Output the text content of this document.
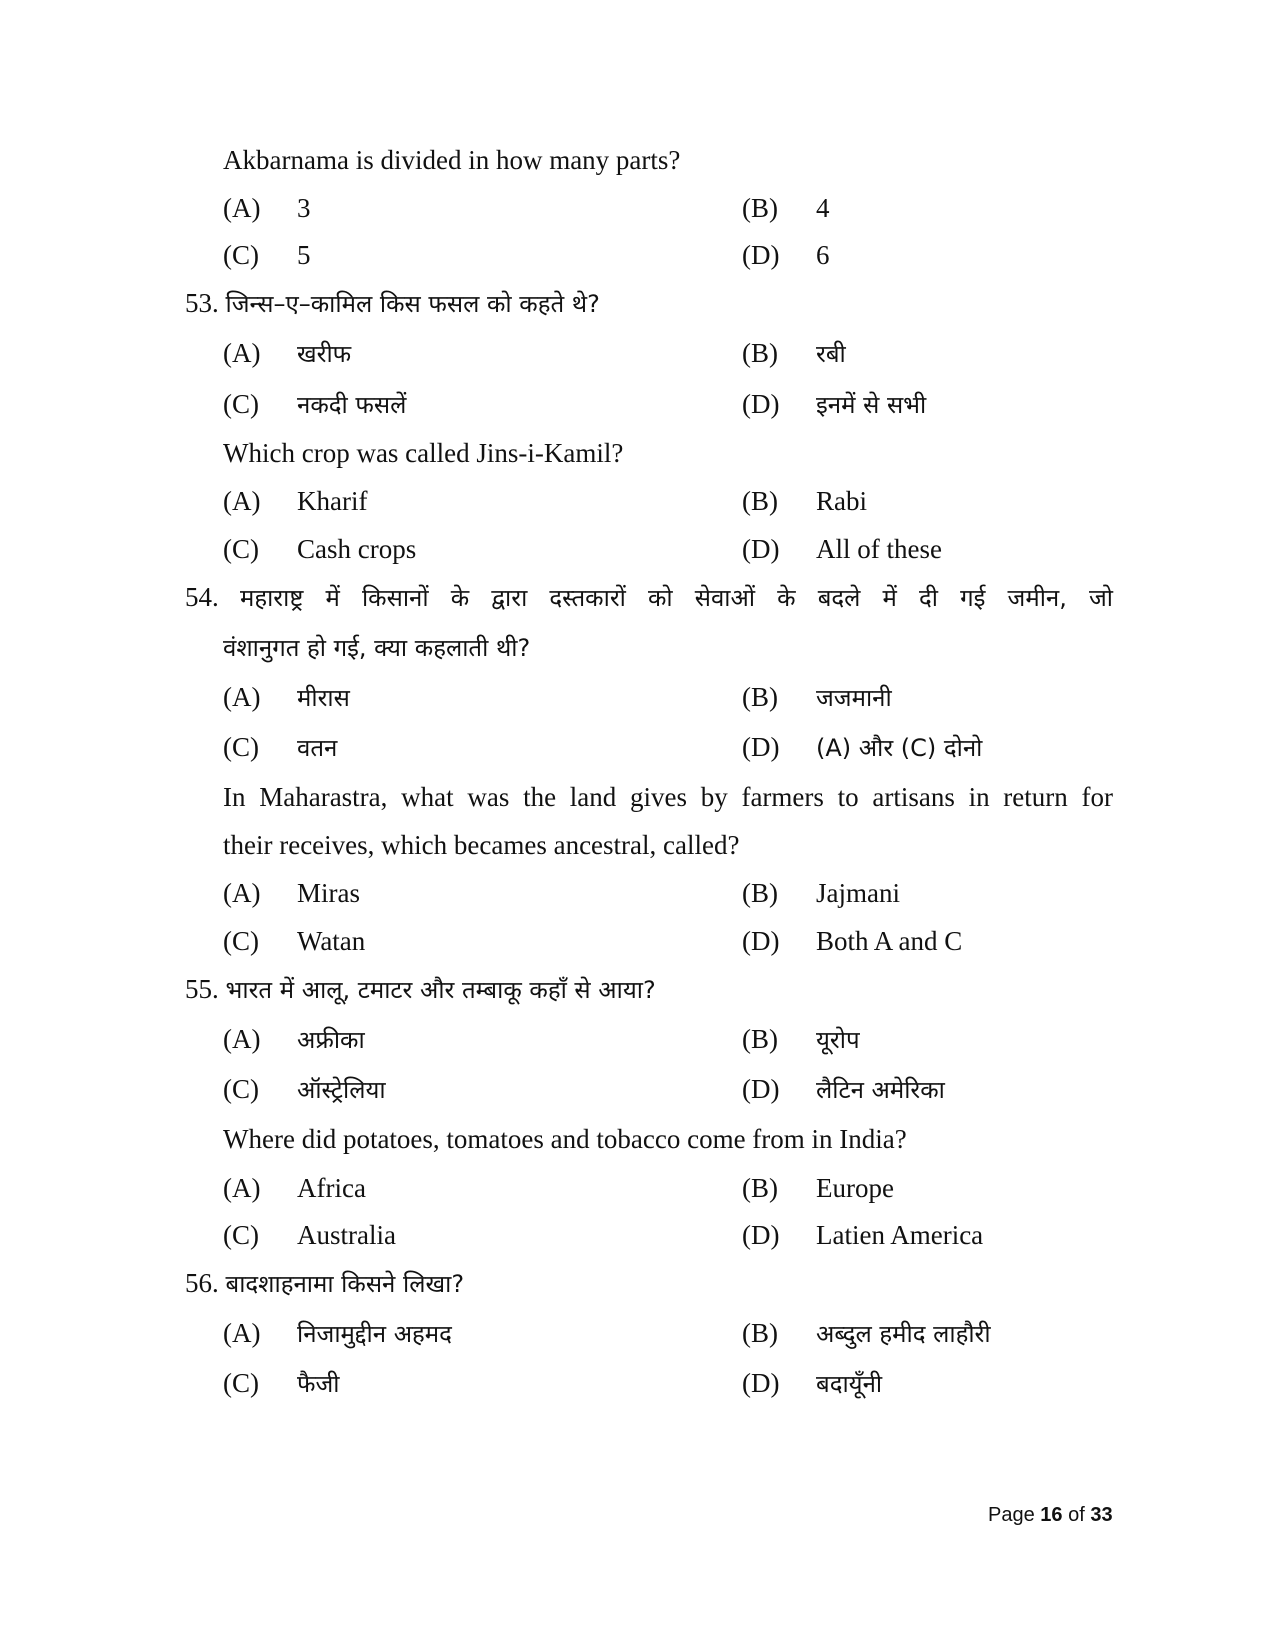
Akbarnama is divided in how many parts?
(A) 3	(B) 4
(C) 5	(D) 6
53. जिन्स–ए–कामिल किस फसल को कहते थे?
(A) खरीफ	(B) रबी
(C) नकदी फसलें	(D) इनमें से सभी
Which crop was called Jins-i-Kamil?
(A) Kharif	(B) Rabi
(C) Cash crops	(D) All of these
54. महाराष्ट्र में किसानों के द्वारा दस्तकारों को सेवाओं के बदले में दी गई जमीन, जो
वंशानुगत हो गई, क्या कहलाती थी?
(A) मीरास	(B) जजमानी
(C) वतन	(D) (A) और (C) दोनो
In Maharastra, what was the land gives by farmers to artisans in return for
their receives, which becames ancestral, called?
(A) Miras	(B) Jajmani
(C) Watan	(D) Both A and C
55. भारत में आलू, टमाटर और तम्बाकू कहाँ से आया?
(A) अफ्रीका	(B) यूरोप
(C) ऑस्ट्रेलिया	(D) लैटिन अमेरिका
Where did potatoes, tomatoes and tobacco come from in India?
(A) Africa	(B) Europe
(C) Australia	(D) Latien America
56. बादशाहनामा किसने लिखा?
(A) निजामुद्दीन अहमद	(B) अब्दुल हमीद लाहौरी
(C) फैजी	(D) बदायूँनी
Page 16 of 33
